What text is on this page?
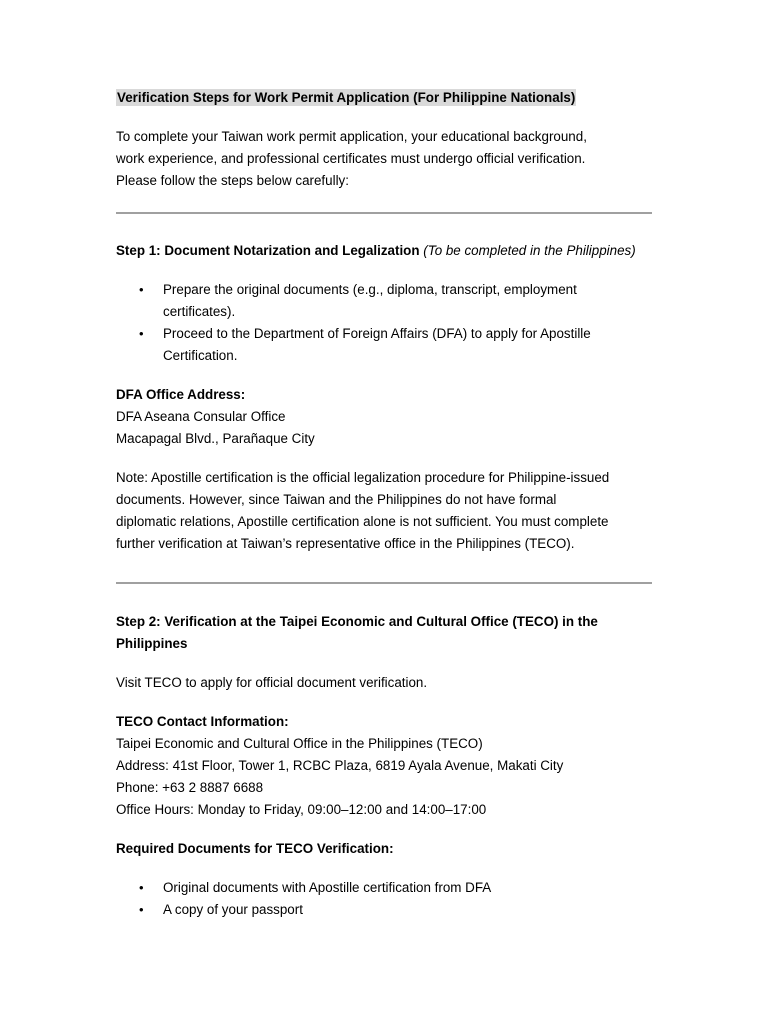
Verification Steps for Work Permit Application (For Philippine Nationals)

To complete your Taiwan work permit application, your educational background,

work experience, and professional certificates must undergo official verification.

Please follow the steps below carefully:

Step 1: Document Notarization and Legalization (To be completed in the Philippines)

• Prepare the original documents (e.g., diploma, transcript, employment
certificates).
• Proceed to the Department of Foreign Affairs (DFA) to apply for Apostille
Certification.

DFA Office Address:

DFA Aseana Consular Office

Macapagal Blvd., Parañaque City

Note: Apostille certification is the official legalization procedure for Philippine-issued

documents. However, since Taiwan and the Philippines do not have formal

diplomatic relations, Apostille certification alone is not sufficient. You must complete

further verification at Taiwan’s representative office in the Philippines (TECO).

Step 2: Verification at the Taipei Economic and Cultural Office (TECO) in the

Philippines

Visit TECO to apply for official document verification.

TECO Contact Information:

Taipei Economic and Cultural Office in the Philippines (TECO)

Address: 41st Floor, Tower 1, RCBC Plaza, 6819 Ayala Avenue, Makati City

Phone: +63 2 8887 6688

Office Hours: Monday to Friday, 09:00–12:00 and 14:00–17:00

Required Documents for TECO Verification:

• Original documents with Apostille certification from DFA
• A copy of your passport
